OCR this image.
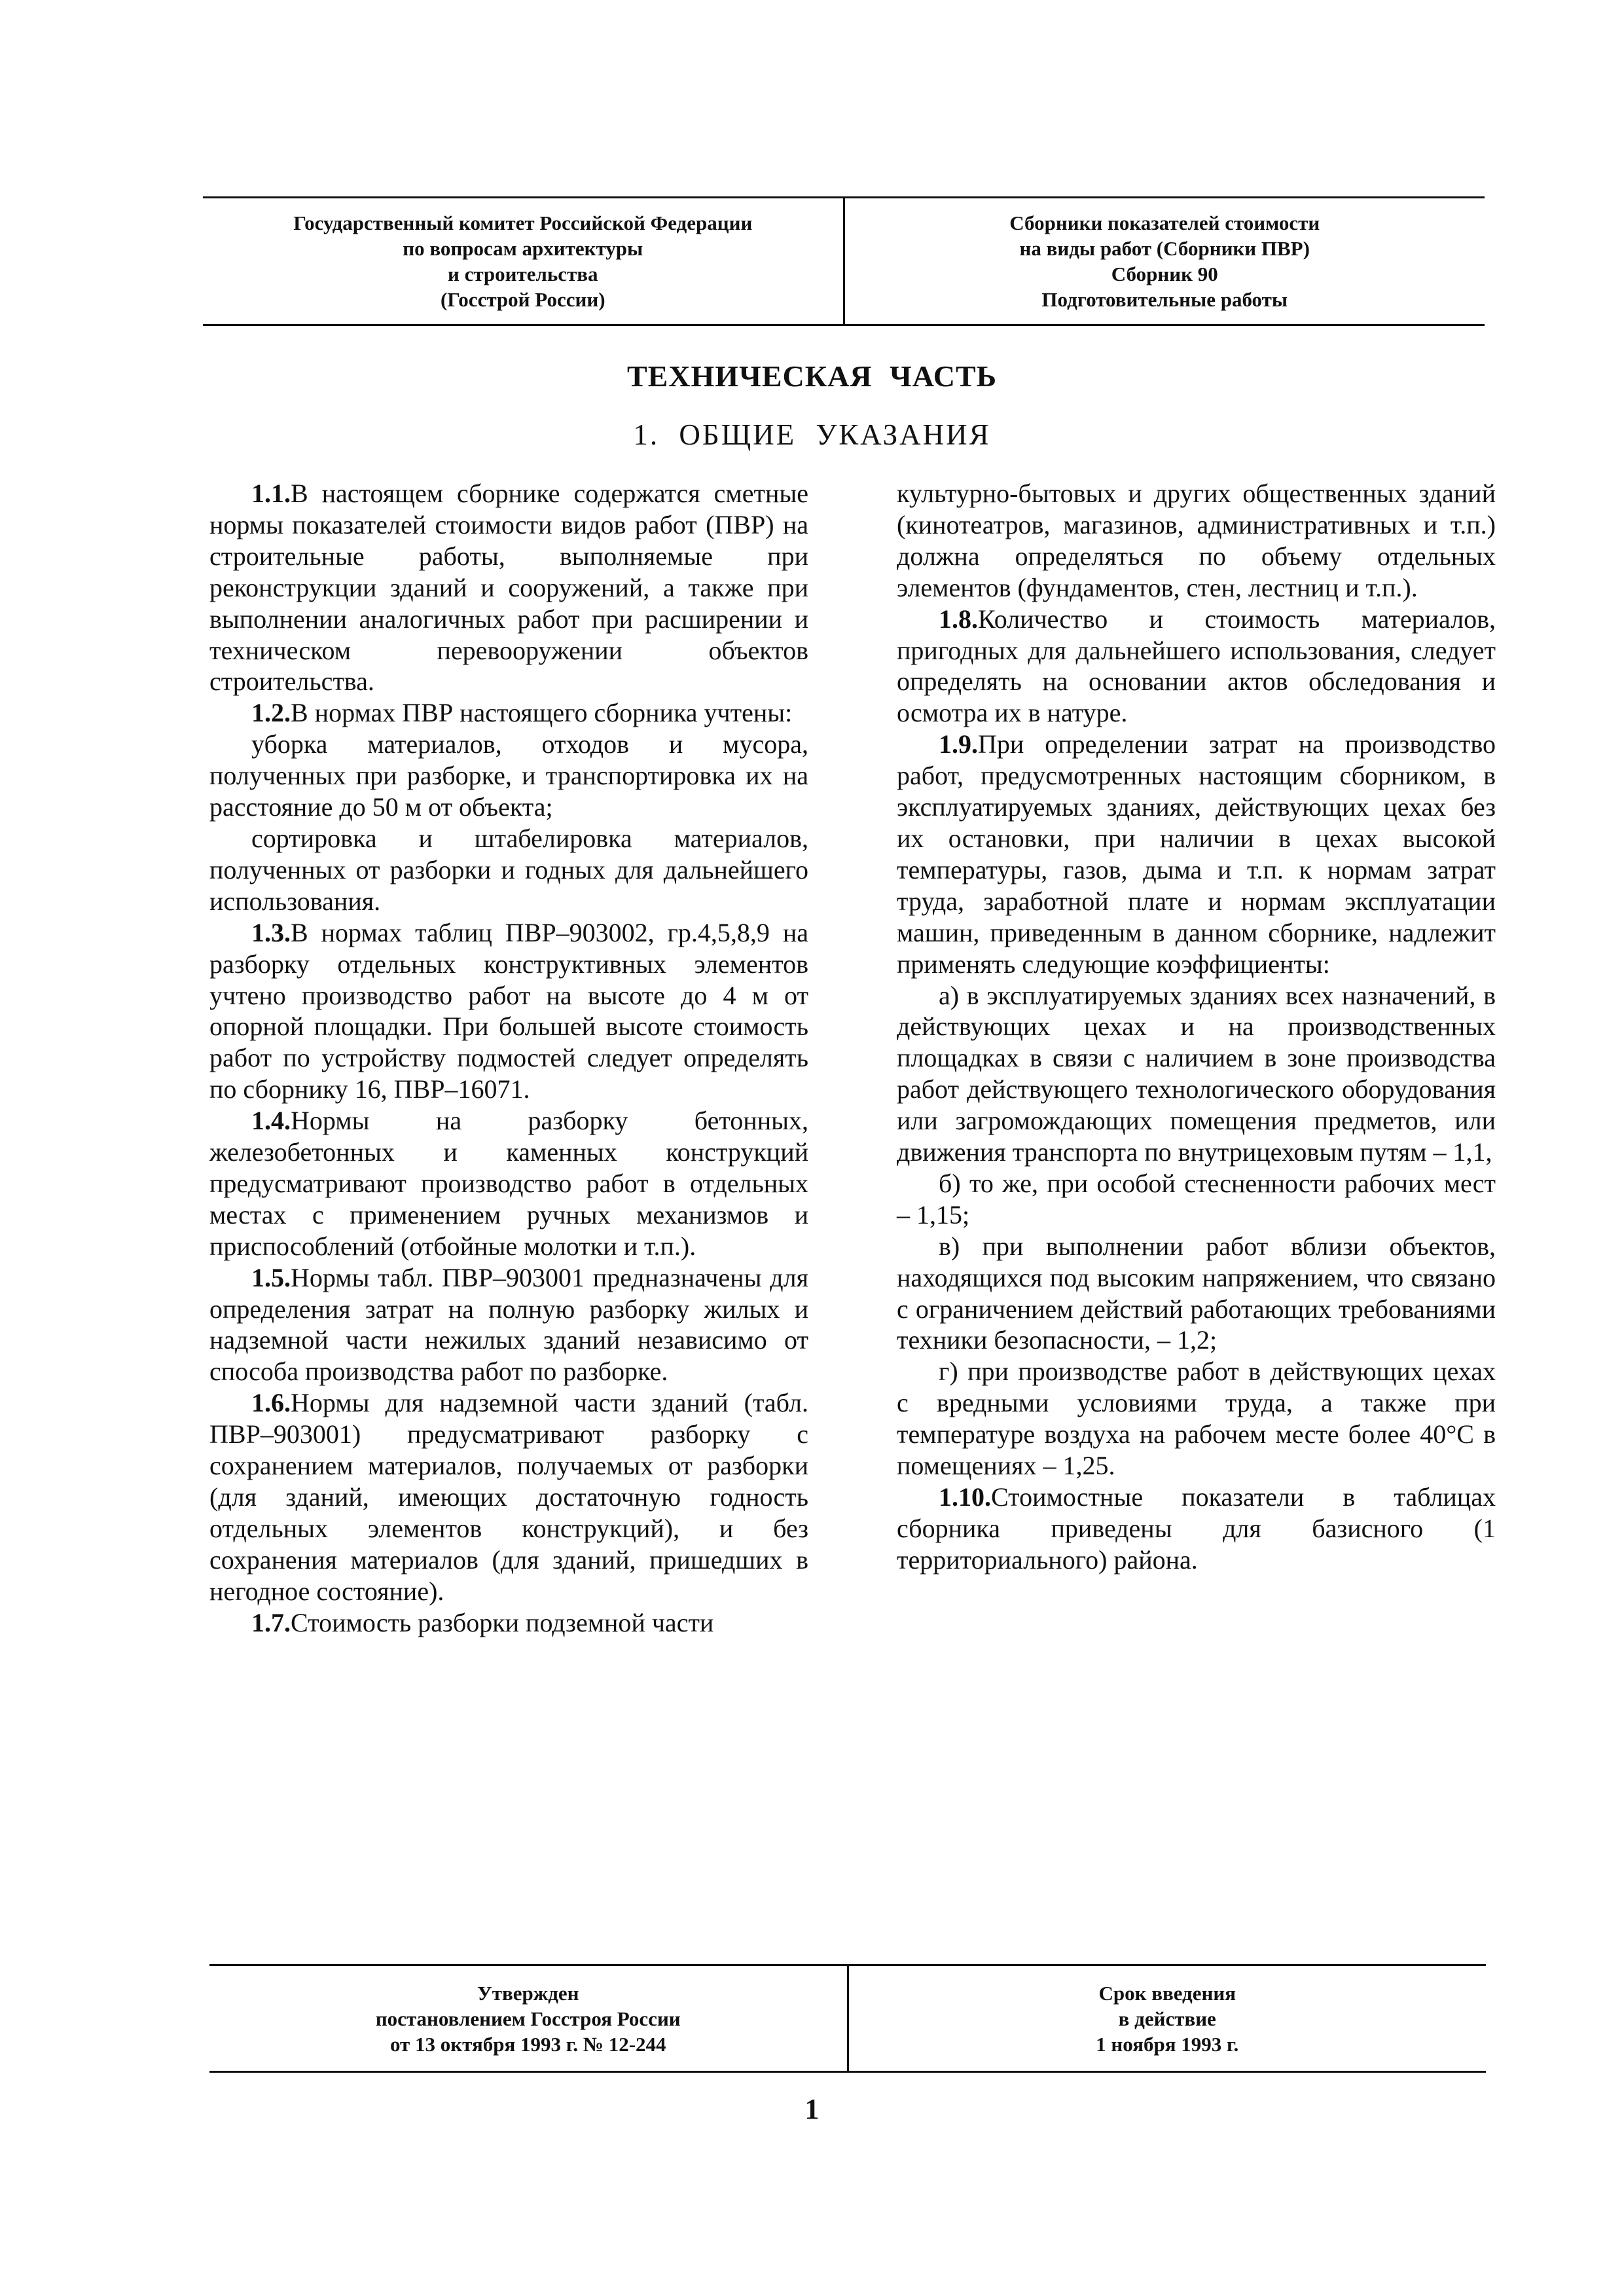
Государственный комитет Российской Федерации
по вопросам архитектуры
и строительства
(Госстрой России)
Сборники показателей стоимости
на виды работ (Сборники ПВР)
Сборник 90
Подготовительные работы
ТЕХНИЧЕСКАЯ ЧАСТЬ
1. ОБЩИЕ УКАЗАНИЯ

1.1.В настоящем сборнике содержатся сметные нормы показателей стоимости видов работ (ПВР) на строительные работы, выполняемые при реконструкции зданий и сооружений, а также при выполнении аналогичных работ при расширении и техническом перевооружении объектов строительства.

1.2.В нормах ПВР настоящего сборника учтены:

уборка материалов, отходов и мусора, полученных при разборке, и транспортировка их на расстояние до 50 м от объекта;

сортировка и штабелировка материалов, полученных от разборки и годных для дальнейшего использования.

1.3.В нормах таблиц ПВР–903002, гр.4,5,8,9 на разборку отдельных конструктивных элементов учтено производство работ на высоте до 4 м от опорной площадки. При большей высоте стоимость работ по устройству подмостей следует определять по сборнику 16, ПВР–16071.

1.4.Нормы на разборку бетонных, железобетонных и каменных конструкций предусматривают производство работ в отдельных местах с применением ручных механизмов и приспособлений (отбойные молотки и т.п.).

1.5.Нормы табл. ПВР–903001 предназначены для определения затрат на полную разборку жилых и надземной части нежилых зданий независимо от способа производства работ по разборке.

1.6.Нормы для надземной части зданий (табл. ПВР–903001) предусматривают разборку с сохранением материалов, получаемых от разборки (для зданий, имеющих достаточную годность отдельных элементов конструкций), и без сохранения материалов (для зданий, пришедших в негодное состояние).

1.7.Стоимость разборки подземной части

культурно-бытовых и других общественных зданий (кинотеатров, магазинов, административных и т.п.) должна определяться по объему отдельных элементов (фундаментов, стен, лестниц и т.п.).

1.8.Количество и стоимость материалов, пригодных для дальнейшего использования, следует определять на основании актов обследования и осмотра их в натуре.

1.9.При определении затрат на производство работ, предусмотренных настоящим сборником, в эксплуатируемых зданиях, действующих цехах без их остановки, при наличии в цехах высокой температуры, газов, дыма и т.п. к нормам затрат труда, заработной плате и нормам эксплуатации машин, приведенным в данном сборнике, надлежит применять следующие коэффициенты:

а) в эксплуатируемых зданиях всех назначений, в действующих цехах и на производственных площадках в связи с наличием в зоне производства работ действующего технологического оборудования или загромождающих помещения предметов, или движения транспорта по внутрицеховым путям – 1,1,

б) то же, при особой стесненности рабочих мест – 1,15;

в) при выполнении работ вблизи объектов, находящихся под высоким напряжением, что связано с ограничением действий работающих требованиями техники безопасности, – 1,2;

г) при производстве работ в действующих цехах с вредными условиями труда, а также при температуре воздуха на рабочем месте более 40°С в помещениях – 1,25.

1.10.Стоимостные показатели в таблицах сборника приведены для базисного (1 территориального) района.

Утвержден
постановлением Госстроя России
от 13 октября 1993 г. № 12-244
Срок введения
в действие
1 ноября 1993 г.
1
